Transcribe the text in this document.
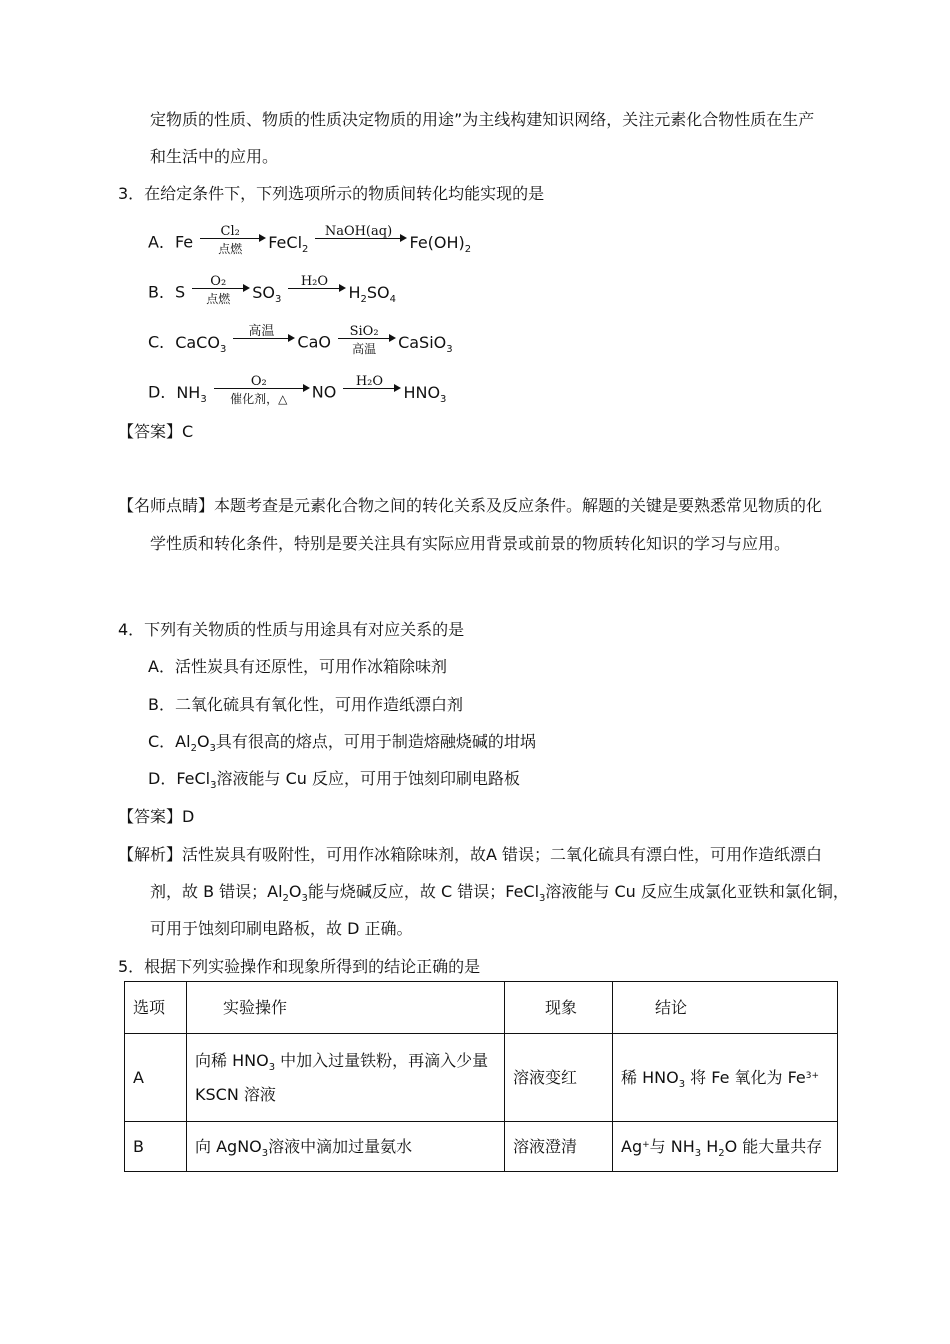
定物质的性质、物质的性质决定物质的用途”为主线构建知识网络，关注元素化合物性质在生产
和生活中的应用。
3．在给定条件下，下列选项所示的物质间转化均能实现的是
A．Fe
Cl₂
点燃	FeCl$_2$
NaOH(aq)
$Fe(OH)_2$
B．S
O₂
点燃	$SO_3$
H₂O
$H_2SO_4$
C．CaCO$_3$
高温
CaO
SiO₂
高温	CaSiO$_3$
D．$NH_3$
O₂
催化剂，△	NO
H₂O
$HNO_3$
【答案】C
【名师点睛】本题考查是元素化合物之间的转化关系及反应条件。解题的关键是要熟悉常见物质的化
学性质和转化条件，特别是要关注具有实际应用背景或前景的物质转化知识的学习与应用。
4．下列有关物质的性质与用途具有对应关系的是
A．活性炭具有还原性，可用作冰箱除味剂
B．二氧化硫具有氧化性，可用作造纸漂白剂
C．$Al_2O_3$具有很高的熔点，可用于制造熔融烧碱的坩埚
D．FeCl$_3$溶液能与 Cu 反应，可用于蚀刻印刷电路板
【答案】D
【解析】活性炭具有吸附性，可用作冰箱除味剂，故A 错误；二氧化硫具有漂白性，可用作造纸漂白
剂，故 B 错误；$Al_2O_3$能与烧碱反应，故 C 错误；FeCl$_3$溶液能与 Cu 反应生成氯化亚铁和氯化铜，
可用于蚀刻印刷电路板，故 D 正确。
5．根据下列实验操作和现象所得到的结论正确的是
选项	实验操作	现象	结论
A	向稀 $HNO_3$ 中加入过量铁粉，再滴入少量
KSCN 溶液	溶液变红	稀 $HNO_3$ 将 Fe 氧化为 $Fe^{3+}$
B	向 AgNO$_3$溶液中滴加过量氨水	溶液澄清	Ag+与 $NH_3$ $H_2O$ 能大量共存
